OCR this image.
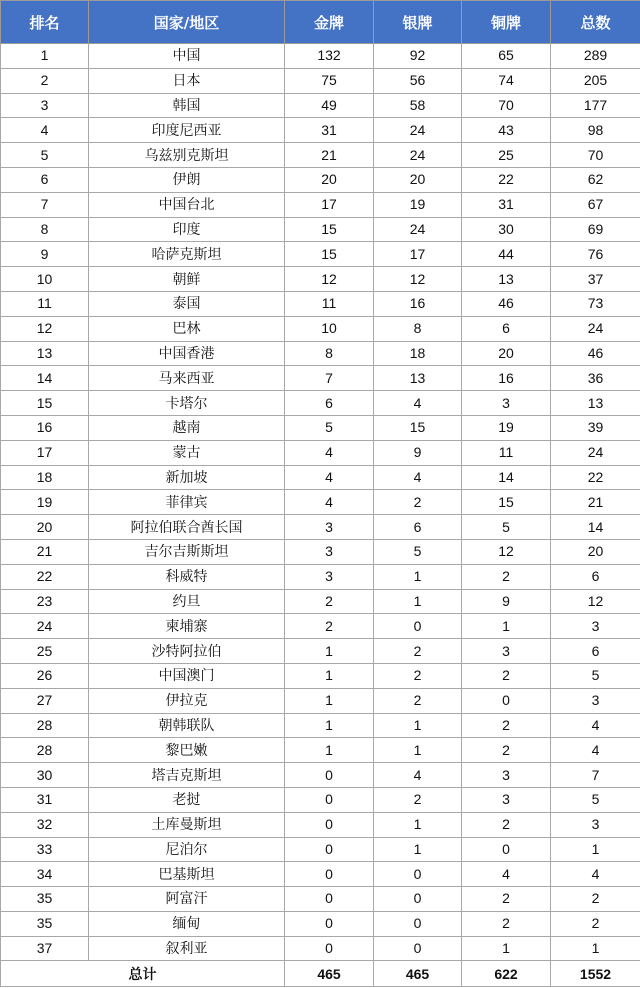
排名	国家/地区	金牌	银牌	铜牌	总数
1	中国	132	92	65	289
2	日本	75	56	74	205
3	韩国	49	58	70	177
4	印度尼西亚	31	24	43	98
5	乌兹别克斯坦	21	24	25	70
6	伊朗	20	20	22	62
7	中国台北	17	19	31	67
8	印度	15	24	30	69
9	哈萨克斯坦	15	17	44	76
10	朝鲜	12	12	13	37
11	泰国	11	16	46	73
12	巴林	10	8	6	24
13	中国香港	8	18	20	46
14	马来西亚	7	13	16	36
15	卡塔尔	6	4	3	13
16	越南	5	15	19	39
17	蒙古	4	9	11	24
18	新加坡	4	4	14	22
19	菲律宾	4	2	15	21
20	阿拉伯联合酋长国	3	6	5	14
21	吉尔吉斯斯坦	3	5	12	20
22	科威特	3	1	2	6
23	约旦	2	1	9	12
24	柬埔寨	2	0	1	3
25	沙特阿拉伯	1	2	3	6
26	中国澳门	1	2	2	5
27	伊拉克	1	2	0	3
28	朝韩联队	1	1	2	4
28	黎巴嫩	1	1	2	4
30	塔吉克斯坦	0	4	3	7
31	老挝	0	2	3	5
32	土库曼斯坦	0	1	2	3
33	尼泊尔	0	1	0	1
34	巴基斯坦	0	0	4	4
35	阿富汗	0	0	2	2
35	缅甸	0	0	2	2
37	叙利亚	0	0	1	1
总计		465	465	622	1552
